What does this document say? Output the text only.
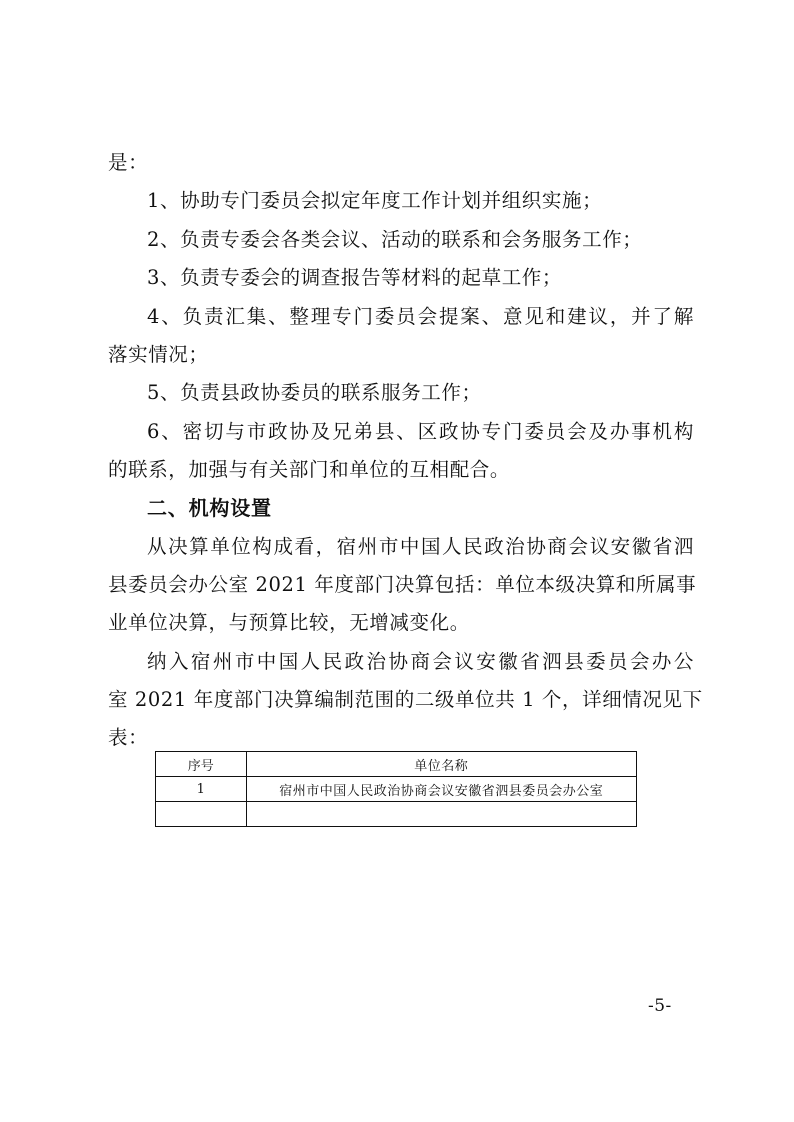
是：
1、协助专门委员会拟定年度工作计划并组织实施；
2、负责专委会各类会议、活动的联系和会务服务工作；
3、负责专委会的调查报告等材料的起草工作；
4、负责汇集、整理专门委员会提案、意见和建议，并了解
落实情况；
5、负责县政协委员的联系服务工作；
6、密切与市政协及兄弟县、区政协专门委员会及办事机构
的联系，加强与有关部门和单位的互相配合。
二、机构设置
从决算单位构成看，宿州市中国人民政治协商会议安徽省泗
县委员会办公室 2021 年度部门决算包括：单位本级决算和所属事
业单位决算，与预算比较，无增减变化。
纳入宿州市中国人民政治协商会议安徽省泗县委员会办公
室 2021 年度部门决算编制范围的二级单位共 1 个，详细情况见下
表：
序号	单位名称
1	宿州市中国人民政治协商会议安徽省泗县委员会办公室

-5-
